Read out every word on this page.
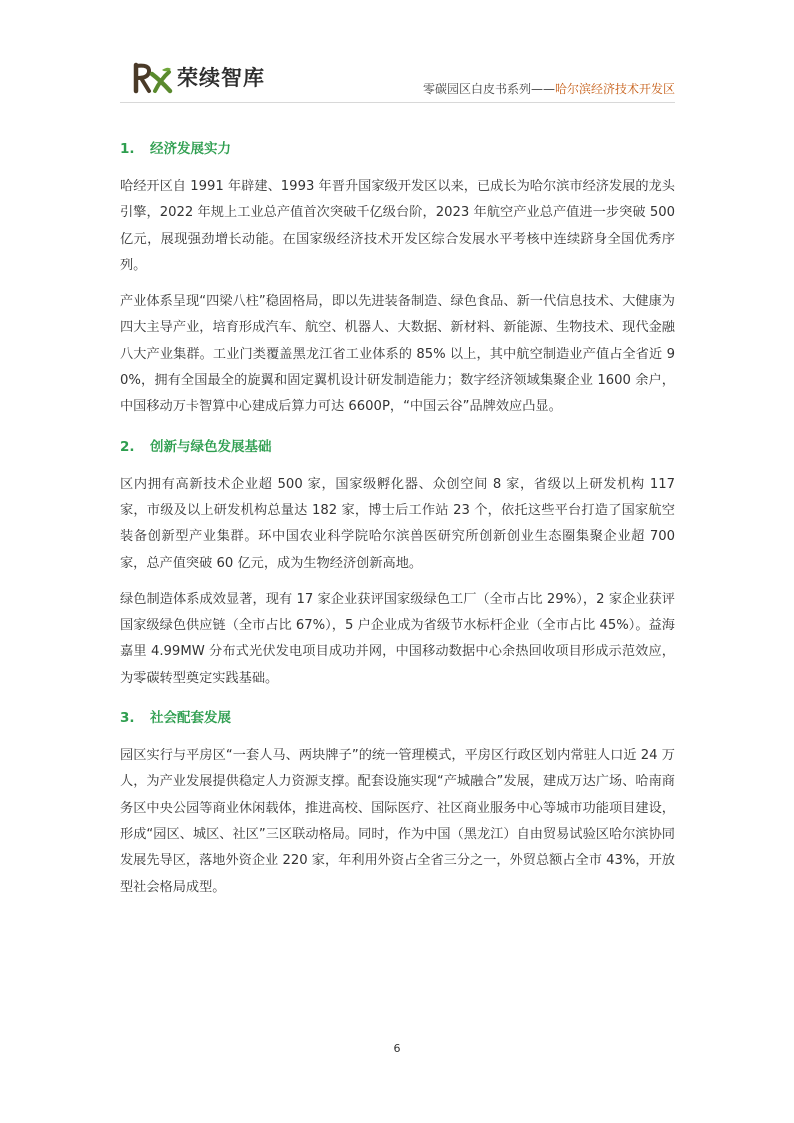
荣续智库	零碳园区白皮书系列——哈尔滨经济技术开发区
1. 经济发展实力

哈经开区自 1991 年辟建、1993 年晋升国家级开发区以来，已成长为哈尔滨市经济发展的龙头引擎，2022 年规上工业总产值首次突破千亿级台阶，2023 年航空产业总产值进一步突破 500 亿元，展现强劲增长动能。在国家级经济技术开发区综合发展水平考核中连续跻身全国优秀序列。

产业体系呈现“四梁八柱”稳固格局，即以先进装备制造、绿色食品、新一代信息技术、大健康为四大主导产业，培育形成汽车、航空、机器人、大数据、新材料、新能源、生物技术、现代金融八大产业集群。工业门类覆盖黑龙江省工业体系的 85% 以上，其中航空制造业产值占全省近 90%，拥有全国最全的旋翼和固定翼机设计研发制造能力；数字经济领域集聚企业 1600 余户，中国移动万卡智算中心建成后算力可达 6600P，“中国云谷”品牌效应凸显。

2. 创新与绿色发展基础

区内拥有高新技术企业超 500 家，国家级孵化器、众创空间 8 家，省级以上研发机构 117 家，市级及以上研发机构总量达 182 家，博士后工作站 23 个，依托这些平台打造了国家航空装备创新型产业集群。环中国农业科学院哈尔滨兽医研究所创新创业生态圈集聚企业超 700 家，总产值突破 60 亿元，成为生物经济创新高地。

绿色制造体系成效显著，现有 17 家企业获评国家级绿色工厂（全市占比 29%），2 家企业获评国家级绿色供应链（全市占比 67%），5 户企业成为省级节水标杆企业（全市占比 45%）。益海嘉里 4.99MW 分布式光伏发电项目成功并网，中国移动数据中心余热回收项目形成示范效应，为零碳转型奠定实践基础。

3. 社会配套发展

园区实行与平房区“一套人马、两块牌子”的统一管理模式，平房区行政区划内常驻人口近 24 万人，为产业发展提供稳定人力资源支撑。配套设施实现“产城融合”发展，建成万达广场、哈南商务区中央公园等商业休闲载体，推进高校、国际医疗、社区商业服务中心等城市功能项目建设，形成“园区、城区、社区”三区联动格局。同时，作为中国（黑龙江）自由贸易试验区哈尔滨协同发展先导区，落地外资企业 220 家，年利用外资占全省三分之一，外贸总额占全市 43%，开放型社会格局成型。

6
